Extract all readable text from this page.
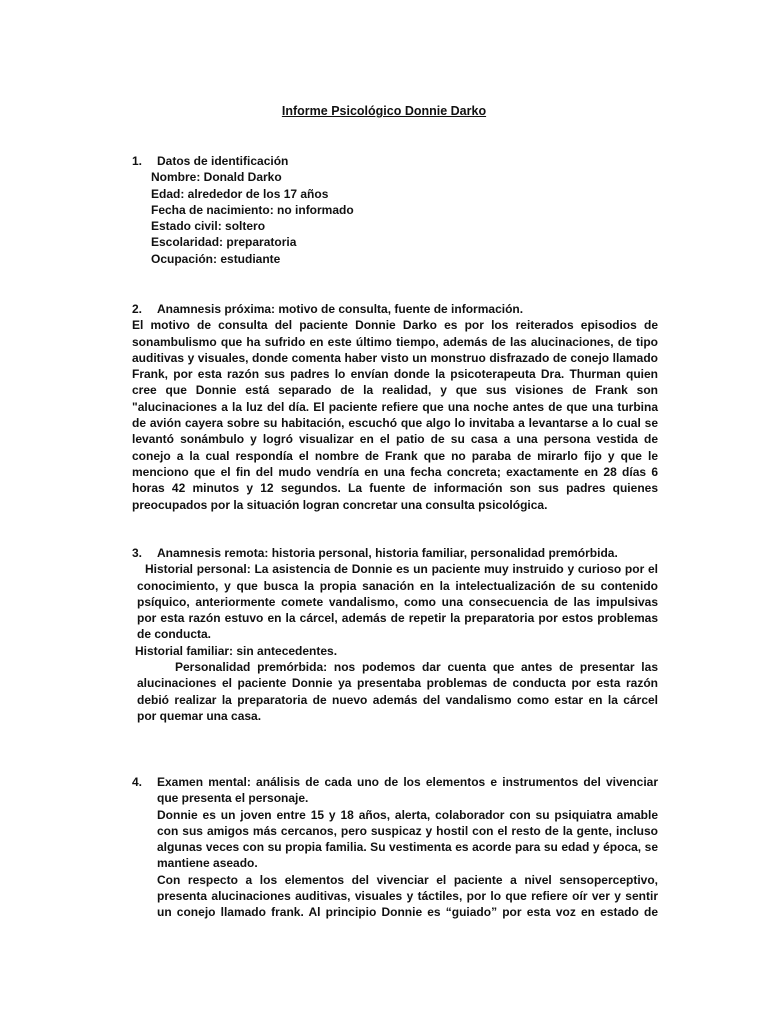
Informe Psicológico Donnie Darko
1.	Datos de identificación
Nombre: Donald Darko
Edad: alrededor de los 17 años
Fecha de nacimiento: no informado
Estado civil: soltero
Escolaridad: preparatoria
Ocupación: estudiante
2.	Anamnesis próxima: motivo de consulta, fuente de información.
El motivo de consulta del paciente Donnie Darko es por los reiterados episodios de
sonambulismo que ha sufrido en este último tiempo, además de las alucinaciones, de tipo
auditivas y visuales, donde comenta haber visto un monstruo disfrazado de conejo llamado
Frank, por esta razón sus padres lo envían donde la psicoterapeuta Dra. Thurman quien
cree que Donnie está separado de la realidad, y que sus visiones de Frank son
"alucinaciones a la luz del día. El paciente refiere que una noche antes de que una turbina
de avión cayera sobre su habitación, escuchó que algo lo invitaba a levantarse a lo cual se
levantó sonámbulo y logró visualizar en el patio de su casa a una persona vestida de
conejo a la cual respondía el nombre de Frank que no paraba de mirarlo fijo y que le
menciono que el fin del mudo vendría en una fecha concreta; exactamente en 28 días 6
horas 42 minutos y 12 segundos. La fuente de información son sus padres quienes
preocupados por la situación logran concretar una consulta psicológica.
3.	Anamnesis remota: historia personal, historia familiar, personalidad premórbida.
Historial personal: La asistencia de Donnie es un paciente muy instruido y curioso por el
conocimiento, y que busca la propia sanación en la intelectualización de su contenido
psíquico, anteriormente comete vandalismo, como una consecuencia de las impulsivas
por esta razón estuvo en la cárcel, además de repetir la preparatoria por estos problemas
de conducta.
Historial familiar: sin antecedentes.
Personalidad premórbida: nos podemos dar cuenta que antes de presentar las
alucinaciones el paciente Donnie ya presentaba problemas de conducta por esta razón
debió realizar la preparatoria de nuevo además del vandalismo como estar en la cárcel
por quemar una casa.
4.	Examen mental: análisis de cada uno de los elementos e instrumentos del vivenciar
que presenta el personaje.
Donnie es un joven entre 15 y 18 años, alerta, colaborador con su psiquiatra amable
con sus amigos más cercanos, pero suspicaz y hostil con el resto de la gente, incluso
algunas veces con su propia familia. Su vestimenta es acorde para su edad y época, se
mantiene aseado.
Con respecto a los elementos del vivenciar el paciente a nivel sensoperceptivo,
presenta alucinaciones auditivas, visuales y táctiles, por lo que refiere oír ver y sentir
un conejo llamado frank. Al principio Donnie es “guiado” por esta voz en estado de
